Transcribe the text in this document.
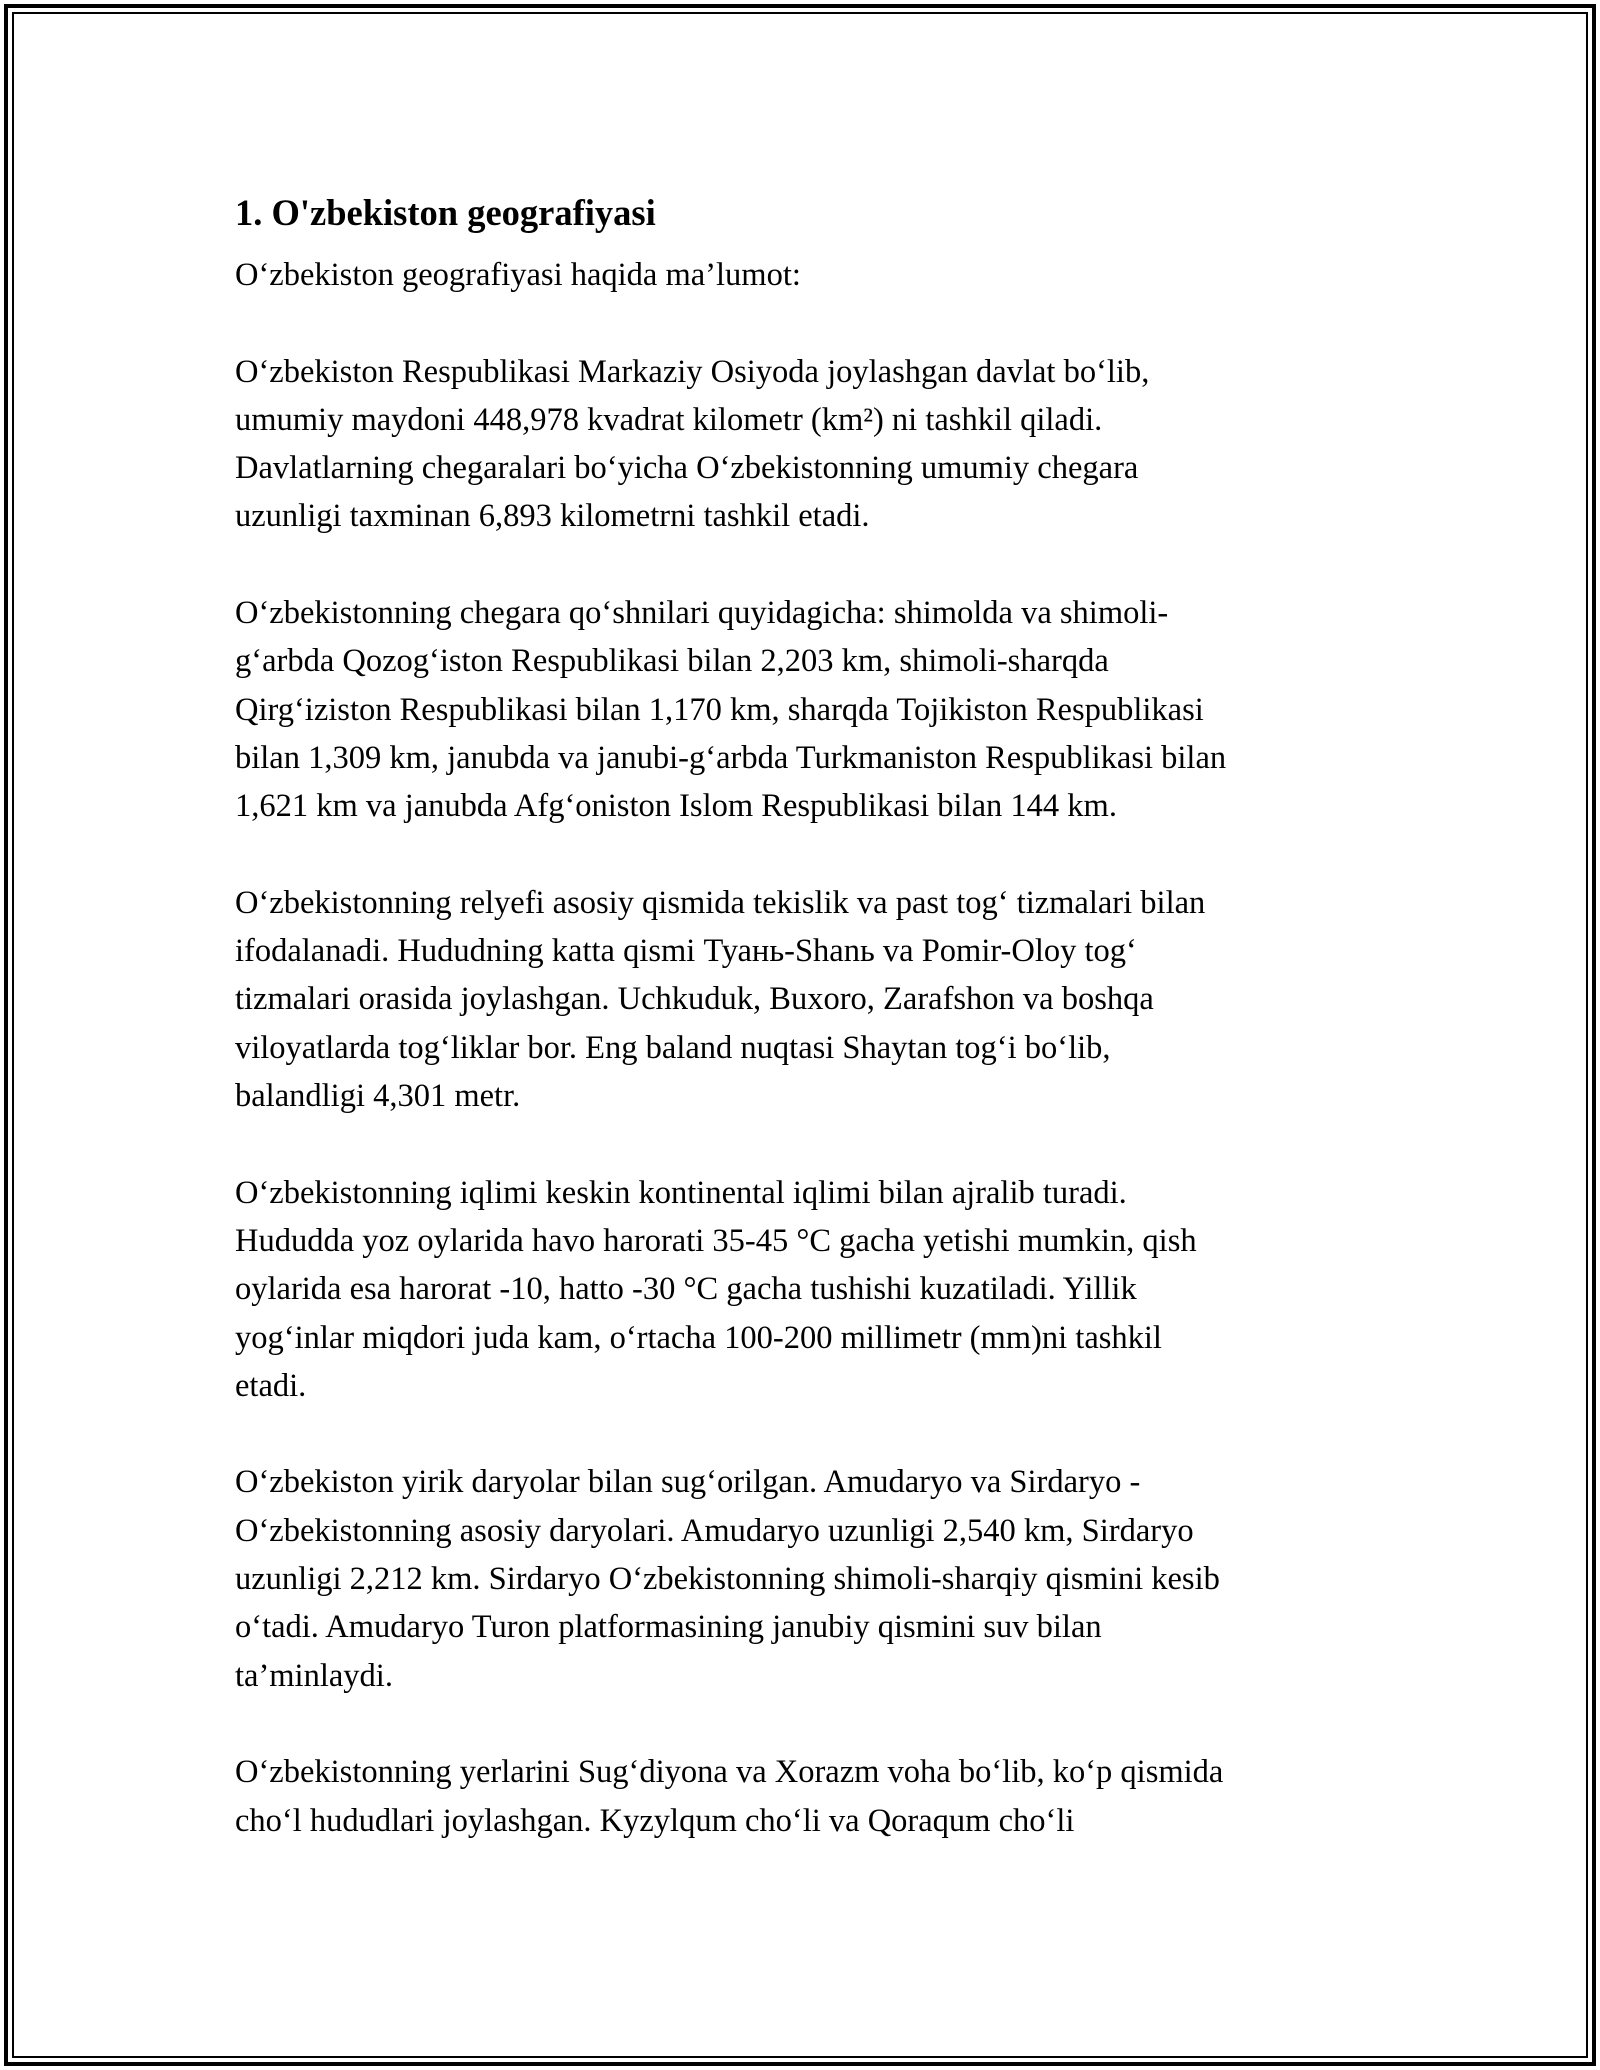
1. O'zbekiston geografiyasi

O‘zbekiston geografiyasi haqida ma’lumot:

O‘zbekiston Respublikasi Markaziy Osiyoda joylashgan davlat bo‘lib,
umumiy maydoni 448,978 kvadrat kilometr (km²) ni tashkil qiladi.
Davlatlarning chegaralari bo‘yicha O‘zbekistonning umumiy chegara
uzunligi taxminan 6,893 kilometrni tashkil etadi.

O‘zbekistonning chegara qo‘shnilari quyidagicha: shimolda va shimoli-
g‘arbda Qozog‘iston Respublikasi bilan 2,203 km, shimoli-sharqda
Qirg‘iziston Respublikasi bilan 1,170 km, sharqda Tojikiston Respublikasi
bilan 1,309 km, janubda va janubi-g‘arbda Turkmaniston Respublikasi bilan
1,621 km va janubda Afg‘oniston Islom Respublikasi bilan 144 km.

O‘zbekistonning relyefi asosiy qismida tekislik va past tog‘ tizmalari bilan
ifodalanadi. Hududning katta qismi Туань-Shanь va Pomir-Oloy tog‘
tizmalari orasida joylashgan. Uchkuduk, Buxoro, Zarafshon va boshqa
viloyatlarda tog‘liklar bor. Eng baland nuqtasi Shaytan tog‘i bo‘lib,
balandligi 4,301 metr.

O‘zbekistonning iqlimi keskin kontinental iqlimi bilan ajralib turadi.
Hududda yoz oylarida havo harorati 35-45 °C gacha yetishi mumkin, qish
oylarida esa harorat -10, hatto -30 °C gacha tushishi kuzatiladi. Yillik
yog‘inlar miqdori juda kam, o‘rtacha 100-200 millimetr (mm)ni tashkil
etadi.

O‘zbekiston yirik daryolar bilan sug‘orilgan. Amudaryo va Sirdaryo -
O‘zbekistonning asosiy daryolari. Amudaryo uzunligi 2,540 km, Sirdaryo
uzunligi 2,212 km. Sirdaryo O‘zbekistonning shimoli-sharqiy qismini kesib
o‘tadi. Amudaryo Turon platformasining janubiy qismini suv bilan
ta’minlaydi.

O‘zbekistonning yerlarini Sug‘diyona va Xorazm voha bo‘lib, ko‘p qismida
cho‘l hududlari joylashgan. Kyzylqum cho‘li va Qoraqum cho‘li
